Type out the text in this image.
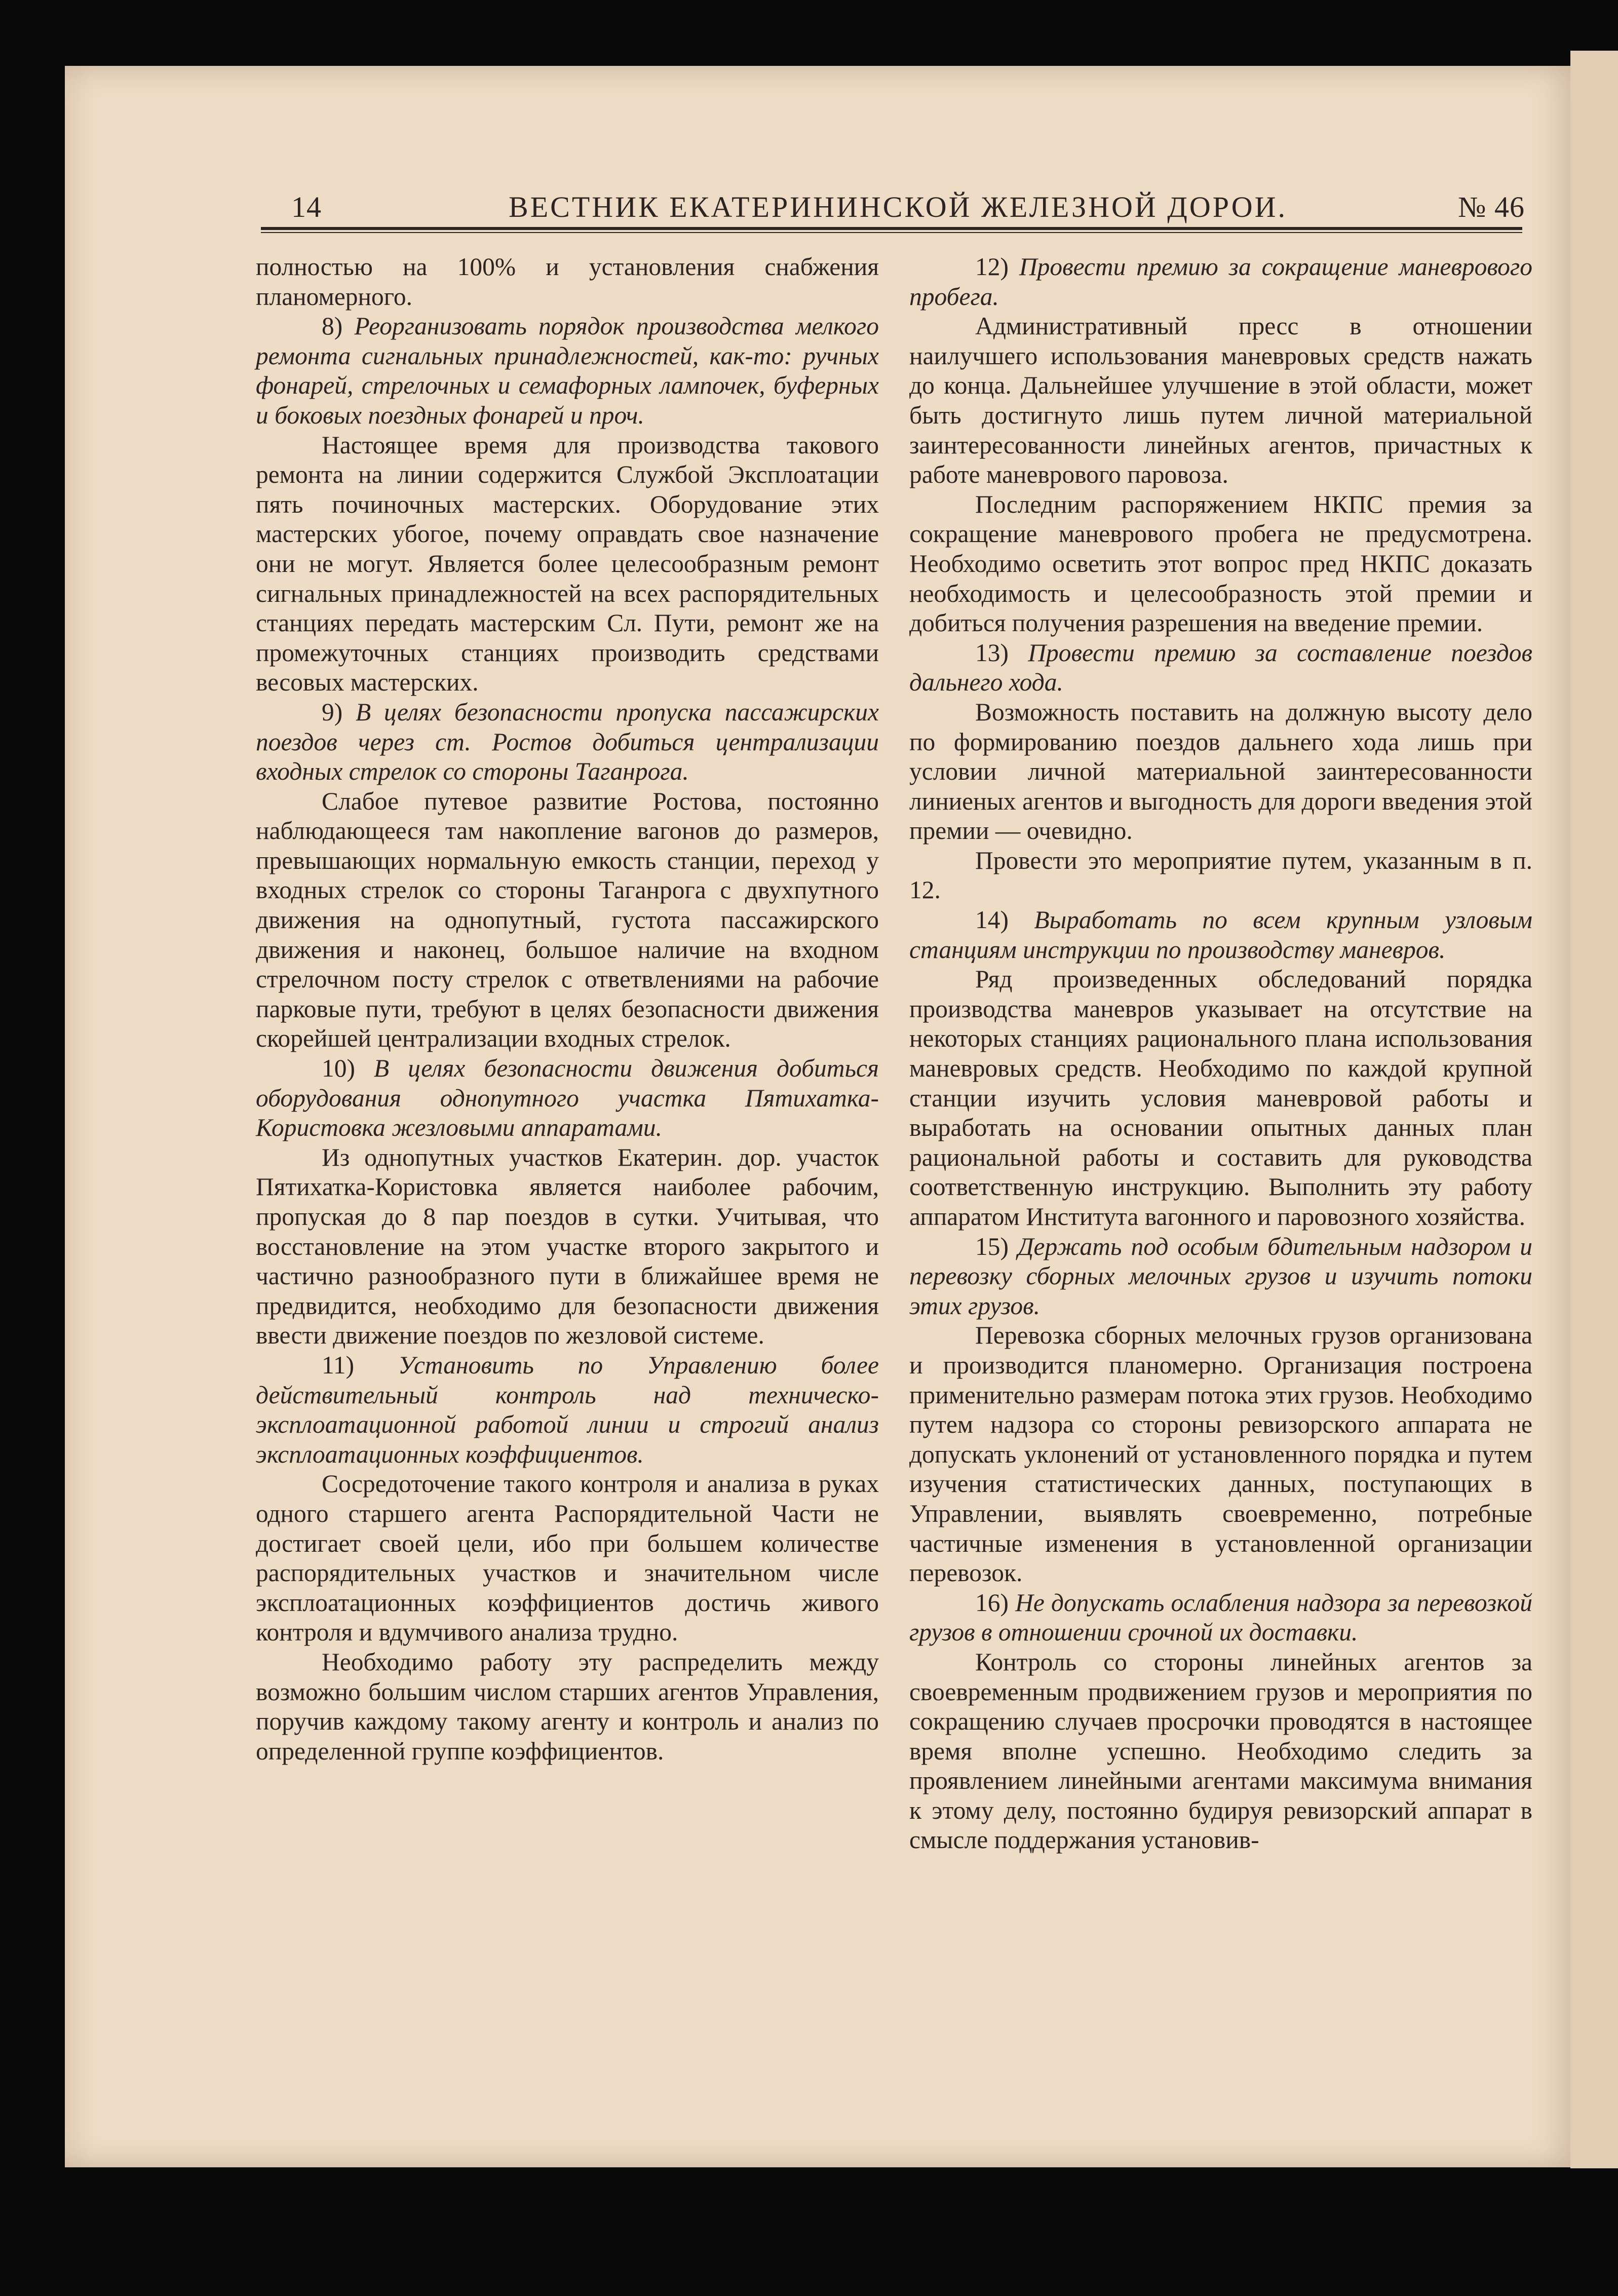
14	ВЕСТНИК ЕКАТЕРИНИНСКОЙ ЖЕЛЕЗНОЙ ДОРОИ.	№ 46

полностью на 100% и установления снабжения планомерного.

8) Реорганизовать порядок производства мелкого ремонта сигнальных принадлежностей, как-то: ручных фонарей, стрелочных и семафорных лампочек, буферных и боковых поездных фонарей и проч.

Настоящее время для производства такового ремонта на линии содержится Службой Эксплоатации пять починочных мастерских. Оборудование этих мастерских убогое, почему оправдать свое назначение они не могут. Является более целесообразным ремонт сигнальных принадлежностей на всех распорядительных станциях передать мастерским Сл. Пути, ремонт же на промежуточных станциях производить средствами весовых мастерских.

9) В целях безопасности пропуска пассажирских поездов через ст. Ростов добиться централизации входных стрелок со стороны Таганрога.

Слабое путевое развитие Ростова, постоянно наблюдающееся там накопление вагонов до размеров, превышающих нормальную емкость станции, переход у входных стрелок со стороны Таганрога с двухпутного движения на однопутный, густота пассажирского движения и наконец, большое наличие на входном стрелочном посту стрелок с ответвлениями на рабочие парковые пути, требуют в целях безопасности движения скорейшей централизации входных стрелок.

10) В целях безопасности движения добиться оборудования однопутного участка Пятихатка-Кориcтовка жезловыми аппаратами.

Из однопутных участков Екатерин. дор. участок Пятихатка-Кориcтовка является наиболее рабочим, пропуская до 8 пар поездов в сутки. Учитывая, что восстановление на этом участке второго закрытого и частично разнообразного пути в ближайшее время не предвидится, необходимо для безопасности движения ввести движение поездов по жезловой системе.

11) Установить по Управлению более действительный контроль над техническо-эксплоатационной работой линии и строгий анализ эксплоатационных коэффициентов.

Сосредоточение такого контроля и анализа в руках одного старшего агента Распорядительной Части не достигает своей цели, ибо при большем количестве распорядительных участков и значительном числе эксплоатационных коэффициентов достичь живого контроля и вдумчивого анализа трудно.

Необходимо работу эту распределить между возможно большим числом старших агентов Управления, поручив каждому такому агенту и контроль и анализ по определенной группе коэффициентов.

12) Провести премию за сокращение маневрового пробега.

Административный пресс в отношении наилучшего использования маневровых средств нажать до конца. Дальнейшее улучшение в этой области, может быть достигнуто лишь путем личной материальной заинтересованности линейных агентов, причастных к работе маневрового паровоза.

Последним распоряжением НКПС премия за сокращение маневрового пробега не предусмотрена. Необходимо осветить этот вопрос пред НКПС доказать необходимость и целесообразность этой премии и добиться получения разрешения на введение премии.

13) Провести премию за составление поездов дальнего хода.

Возможность поставить на должную высоту дело по формированию поездов дальнего хода лишь при условии личной материальной заинтересованности линиеных агентов и выгодность для дороги введения этой премии — очевидно.

Провести это мероприятие путем, указанным в п. 12.

14) Выработать по всем крупным узловым станциям инструкции по производству маневров.

Ряд произведенных обследований порядка производства маневров указывает на отсутствие на некоторых станциях рационального плана использования маневровых средств. Необходимо по каждой крупной станции изучить условия маневровой работы и выработать на основании опытных данных план рациональной работы и составить для руководства соответственную инструкцию. Выполнить эту работу аппаратом Института вагонного и паровозного хозяйства.

15) Держать под особым бдительным надзором и перевозку сборных мелочных грузов и изучить потоки этих грузов.

Перевозка сборных мелочных грузов организована и производится планомерно. Организация построена применительно размерам потока этих грузов. Необходимо путем надзора со стороны ревизорского аппарата не допускать уклонений от установленного порядка и путем изучения статистических данных, поступающих в Управлении, выявлять своевременно, потребные частичные изменения в установленной организации перевозок.

16) Не допускать ослабления надзора за перевозкой грузов в отношении срочной их доставки.

Контроль со стороны линейных агентов за своевременным продвижением грузов и мероприятия по сокращению случаев просрочки проводятся в настоящее время вполне успешно. Необходимо следить за проявлением линейными агентами максимума внимания к этому делу, постоянно будируя ревизорский аппарат в смысле поддержания установив-
